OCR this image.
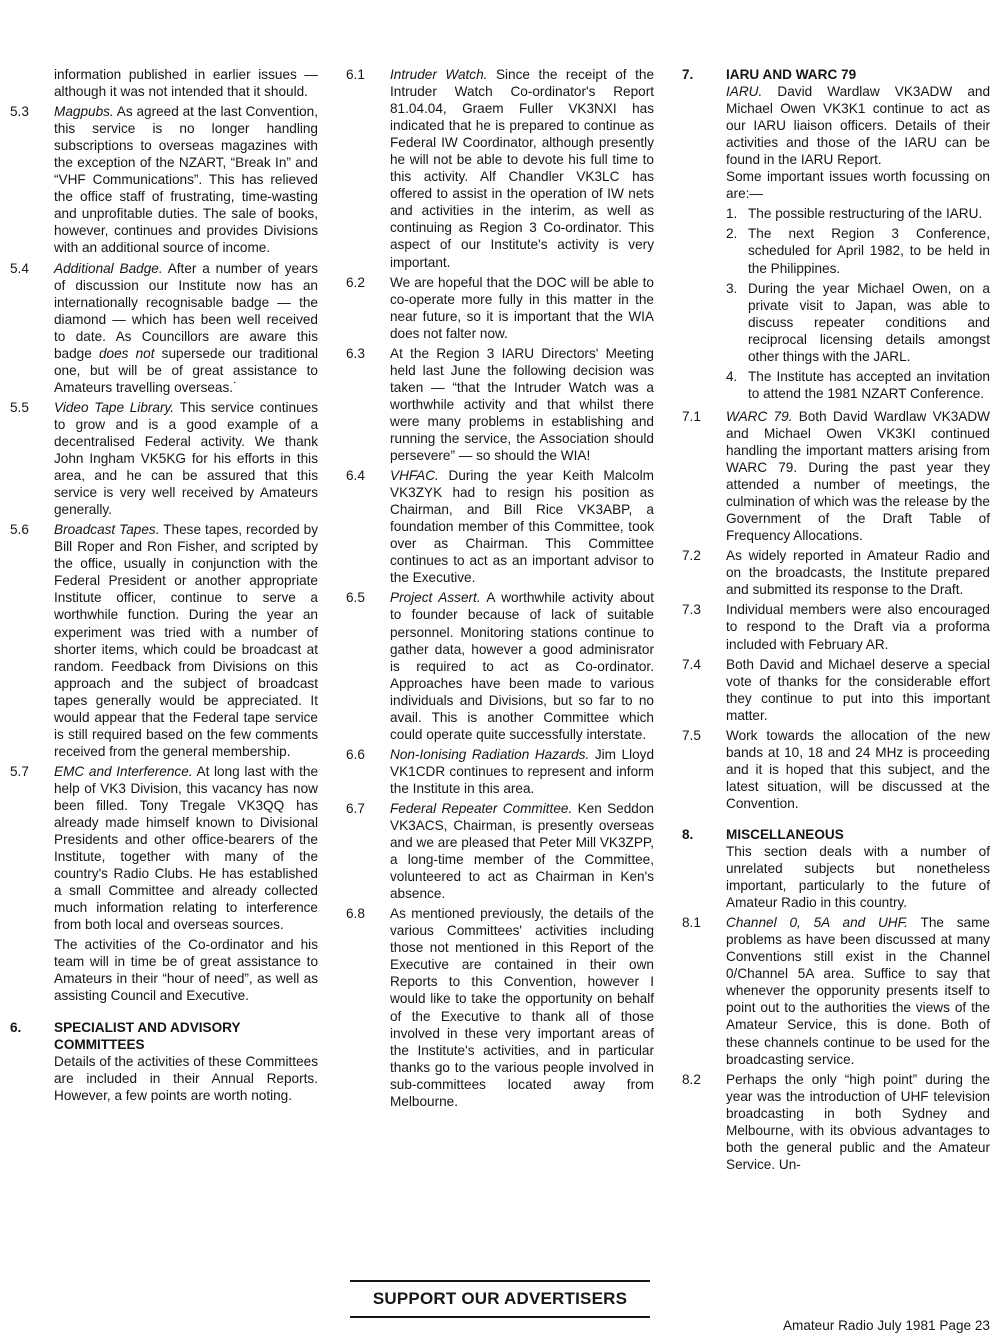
information published in earlier issues — although it was not intended that it should.
5.3	Magpubs. As agreed at the last Convention, this service is no longer handling subscriptions to overseas magazines with the exception of the NZART, “Break In” and “VHF Communications”. This has relieved the office staff of frustrating, time-wasting and unprofitable duties. The sale of books, however, continues and provides Divisions with an additional source of income.
5.4	Additional Badge. After a number of years of discussion our Institute now has an internationally recognisable badge — the diamond — which has been well received to date. As Councillors are aware this badge does not supersede our traditional one, but will be of great assistance to Amateurs travelling overseas.˙
5.5	Video Tape Library. This service continues to grow and is a good example of a decentralised Federal activity. We thank John Ingham VK5KG for his efforts in this area, and he can be assured that this service is very well received by Amateurs generally.
5.6	Broadcast Tapes. These tapes, recorded by Bill Roper and Ron Fisher, and scripted by the office, usually in conjunction with the Federal President or another appropriate Institute officer, continue to serve a worthwhile function. During the year an experiment was tried with a number of shorter items, which could be broadcast at random. Feedback from Divisions on this approach and the subject of broadcast tapes generally would be appreciated. It would appear that the Federal tape service is still required based on the few comments received from the general membership.
5.7	EMC and Interference. At long last with the help of VK3 Division, this vacancy has now been filled. Tony Tregale VK3QQ has already made himself known to Divisional Presidents and other office-bearers of the Institute, together with many of the country's Radio Clubs. He has established a small Committee and already collected much information relating to interference from both local and overseas sources.
The activities of the Co-ordinator and his team will in time be of great assistance to Amateurs in their “hour of need”, as well as assisting Council and Executive.
6.	SPECIALIST AND ADVISORY COMMITTEES
Details of the activities of these Committees are included in their Annual Reports. However, a few points are worth noting.
6.1	Intruder Watch. Since the receipt of the Intruder Watch Co-ordinator's Report 81.04.04, Graem Fuller VK3NXI has indicated that he is prepared to continue as Federal IW Coordinator, although presently he will not be able to devote his full time to this activity. Alf Chandler VK3LC has offered to assist in the operation of IW nets and activities in the interim, as well as continuing as Region 3 Co-ordinator. This aspect of our Institute's activity is very important.
6.2	We are hopeful that the DOC will be able to co-operate more fully in this matter in the near future, so it is important that the WIA does not falter now.
6.3	At the Region 3 IARU Directors' Meeting held last June the following decision was taken — “that the Intruder Watch was a worthwhile activity and that whilst there were many problems in establishing and running the service, the Association should persevere” — so should the WIA!
6.4	VHFAC. During the year Keith Malcolm VK3ZYK had to resign his position as Chairman, and Bill Rice VK3ABP, a foundation member of this Committee, took over as Chairman. This Committee continues to act as an important advisor to the Executive.
6.5	Project Assert. A worthwhile activity about to founder because of lack of suitable personnel. Monitoring stations continue to gather data, however a good adminisrator is required to act as Co-ordinator. Approaches have been made to various individuals and Divisions, but so far to no avail. This is another Committee which could operate quite successfully interstate.
6.6	Non-Ionising Radiation Hazards. Jim Lloyd VK1CDR continues to represent and inform the Institute in this area.
6.7	Federal Repeater Committee. Ken Seddon VK3ACS, Chairman, is presently overseas and we are pleased that Peter Mill VK3ZPP, a long-time member of the Committee, volunteered to act as Chairman in Ken's absence.
6.8	As mentioned previously, the details of the various Committees' activities including those not mentioned in this Report of the Executive are contained in their own Reports to this Convention, however I would like to take the opportunity on behalf of the Executive to thank all of those involved in these very important areas of the Institute's activities, and in particular thanks go to the various people involved in sub-committees located away from Melbourne.
SUPPORT OUR ADVERTISERS
7.	IARU AND WARC 79
IARU. David Wardlaw VK3ADW and Michael Owen VK3K1 continue to act as our IARU liaison officers. Details of their activities and those of the IARU can be found in the IARU Report.
Some important issues worth focussing on are:—
1. The possible restructuring of the IARU.
2. The next Region 3 Conference, scheduled for April 1982, to be held in the Philippines.
3. During the year Michael Owen, on a private visit to Japan, was able to discuss repeater conditions and reciprocal licensing details amongst other things with the JARL.
4. The Institute has accepted an invitation to attend the 1981 NZART Conference.
7.1	WARC 79. Both David Wardlaw VK3ADW and Michael Owen VK3KI continued handling the important matters arising from WARC 79. During the past year they attended a number of meetings, the culmination of which was the release by the Government of the Draft Table of Frequency Allocations.
7.2	As widely reported in Amateur Radio and on the broadcasts, the Institute prepared and submitted its response to the Draft.
7.3	Individual members were also encouraged to respond to the Draft via a proforma included with February AR.
7.4	Both David and Michael deserve a special vote of thanks for the considerable effort they continue to put into this important matter.
7.5	Work towards the allocation of the new bands at 10, 18 and 24 MHz is proceeding and it is hoped that this subject, and the latest situation, will be discussed at the Convention.
8.	MISCELLANEOUS
This section deals with a number of unrelated subjects but nonetheless important, particularly to the future of Amateur Radio in this country.
8.1	Channel 0, 5A and UHF. The same problems as have been discussed at many Conventions still exist in the Channel 0/Channel 5A area. Suffice to say that whenever the opporunity presents itself to point out to the authorities the views of the Amateur Service, this is done. Both of these channels continue to be used for the broadcasting service.
8.2	Perhaps the only “high point” during the year was the introduction of UHF television broadcasting in both Sydney and Melbourne, with its obvious advantages to both the general public and the Amateur Service. Un-
Amateur Radio July 1981 Page 23
